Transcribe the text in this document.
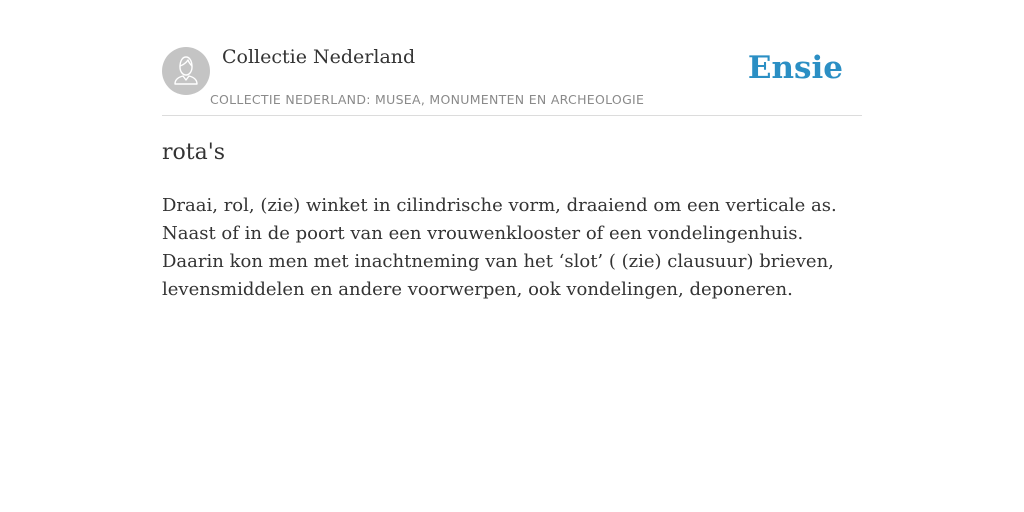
Collectie Nederland
COLLECTIE NEDERLAND: MUSEA, MONUMENTEN EN ARCHEOLOGIE
Ensie
rota's

Draai, rol, (zie) winket in cilindrische vorm, draaiend om een verticale as. Naast of in de poort van een vrouwenklooster of een vondelingenhuis. Daarin kon men met inachtneming van het ‘slot’ ( (zie) clausuur) brieven, levensmiddelen en andere voorwerpen, ook vondelingen, deponeren.
